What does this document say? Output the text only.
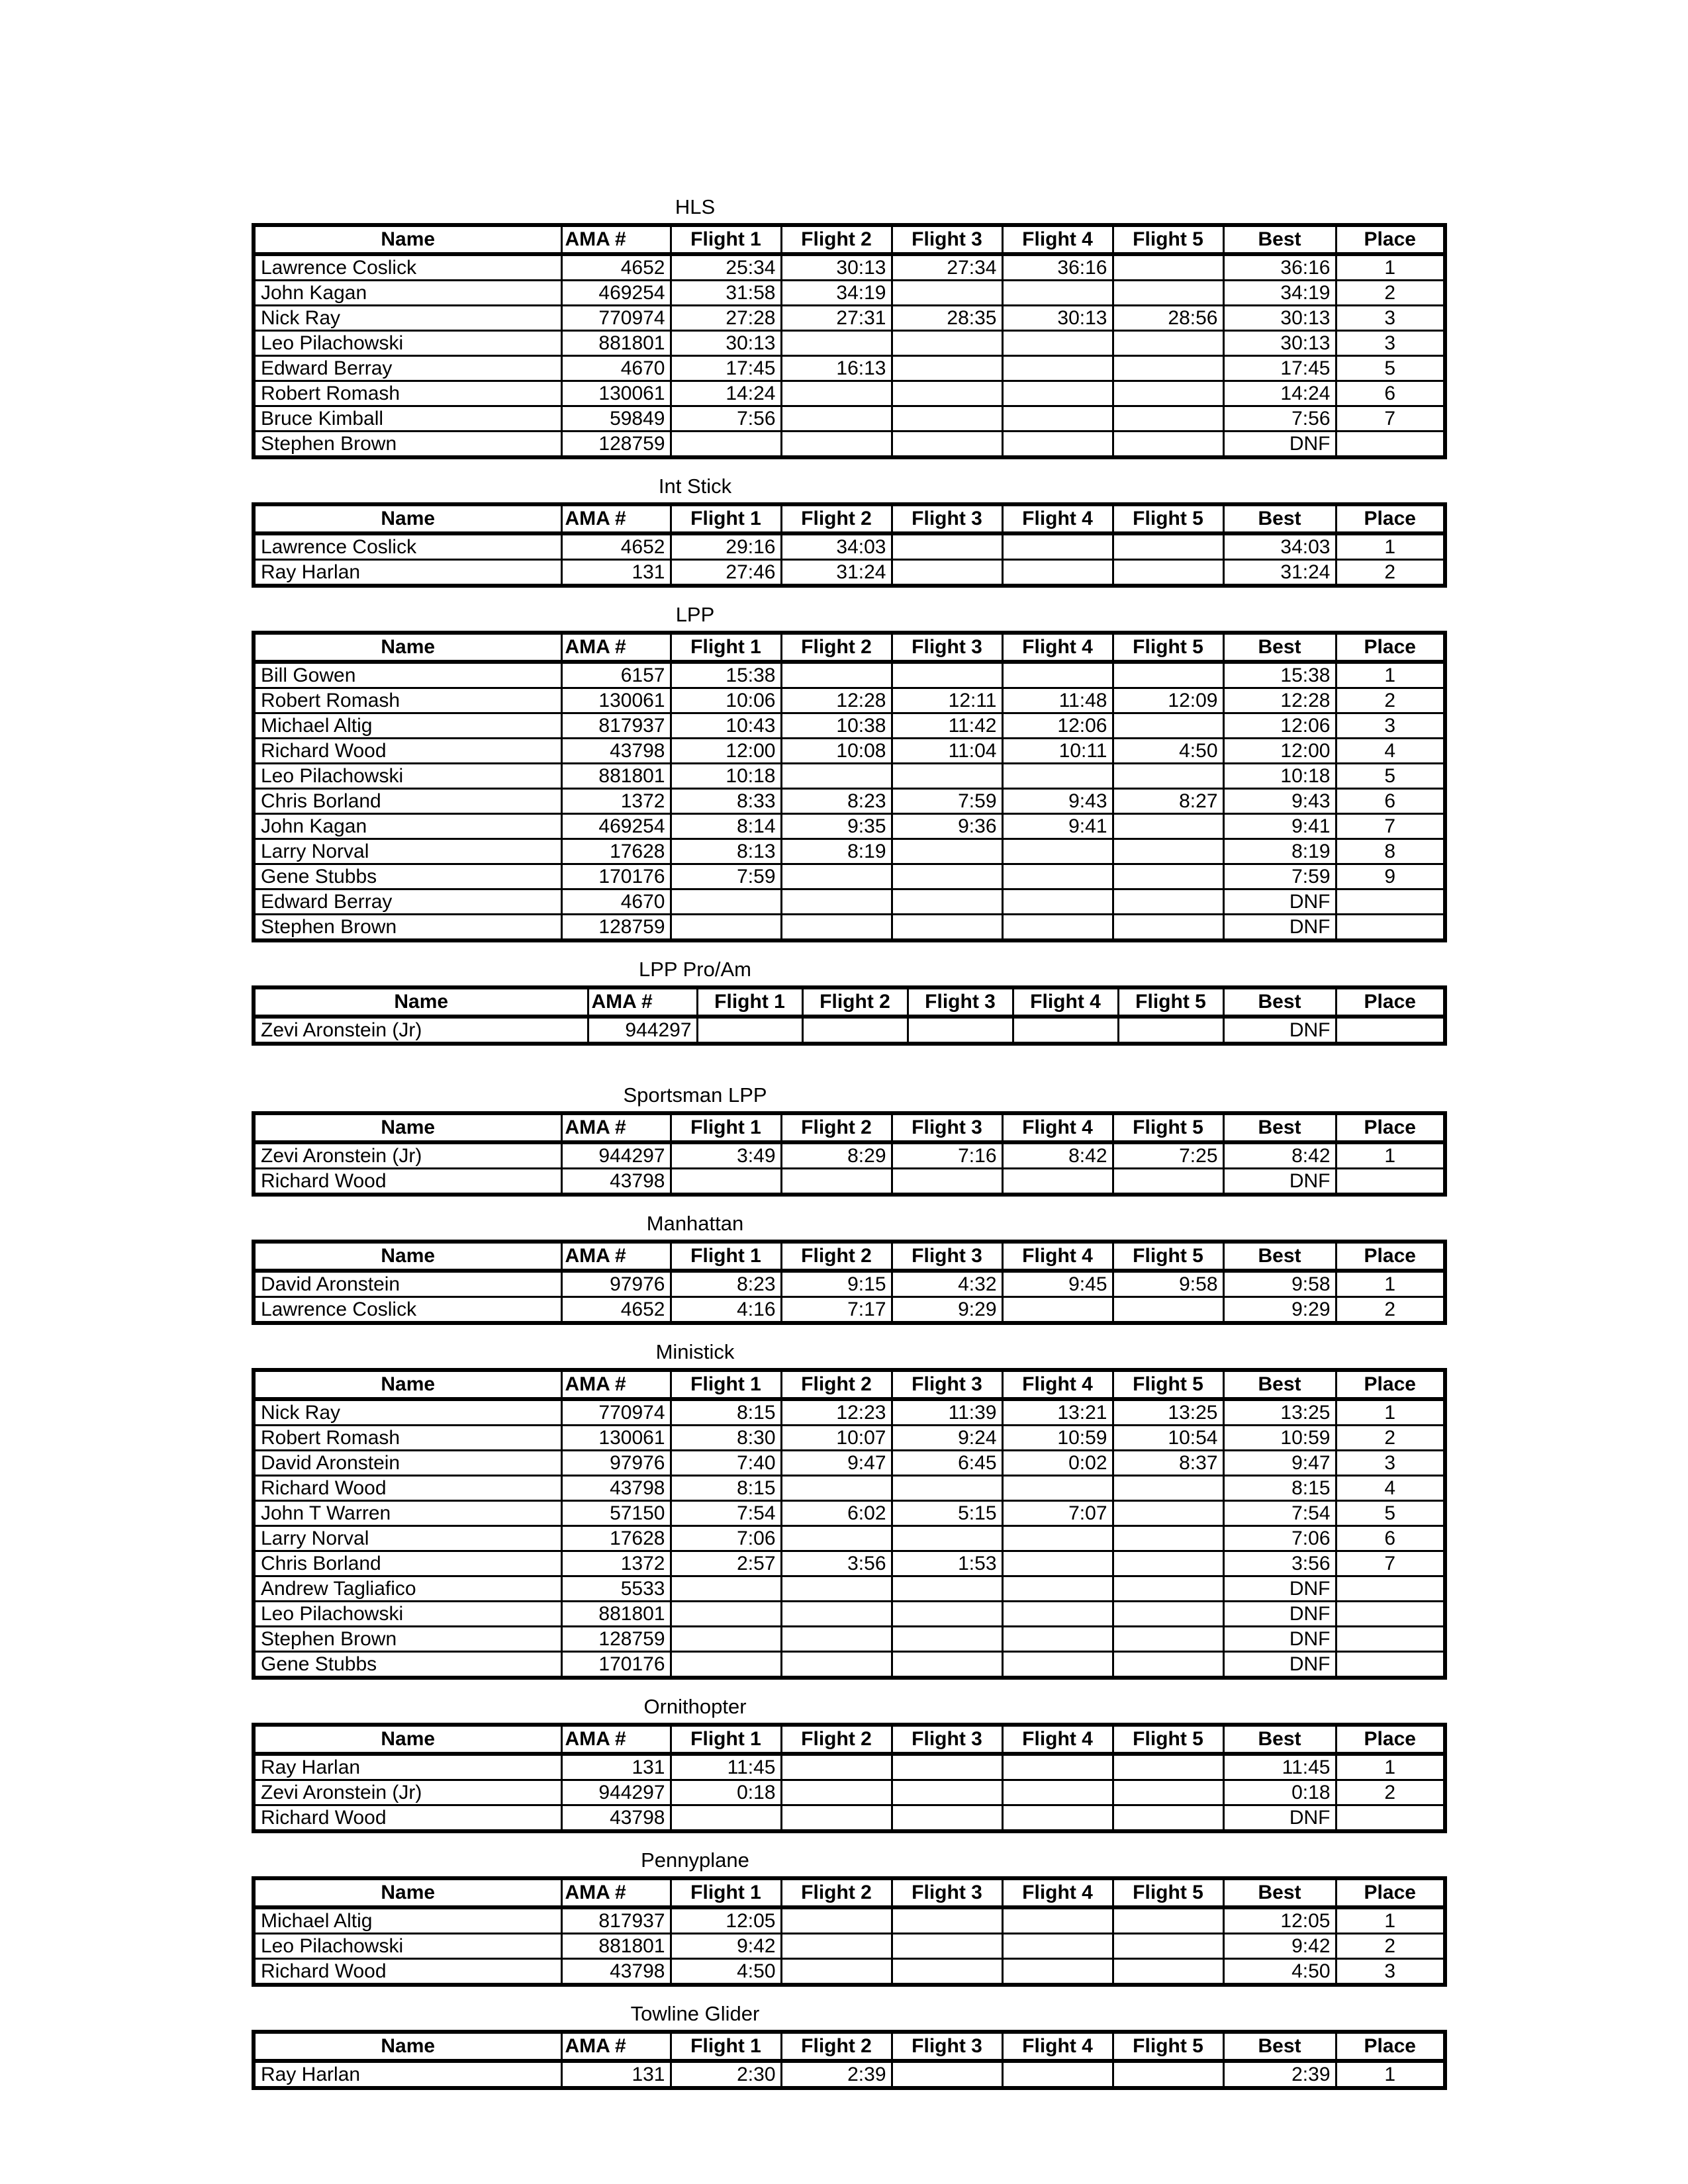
HLS
Name	AMA #	Flight 1	Flight 2	Flight 3	Flight 4	Flight 5	Best	Place
Lawrence Coslick	4652	25:34	30:13	27:34	36:16		36:16	1
John Kagan	469254	31:58	34:19				34:19	2
Nick Ray	770974	27:28	27:31	28:35	30:13	28:56	30:13	3
Leo Pilachowski	881801	30:13					30:13	3
Edward Berray	4670	17:45	16:13				17:45	5
Robert Romash	130061	14:24					14:24	6
Bruce Kimball	59849	7:56					7:56	7
Stephen Brown	128759						DNF	
Int Stick
Name	AMA #	Flight 1	Flight 2	Flight 3	Flight 4	Flight 5	Best	Place
Lawrence Coslick	4652	29:16	34:03				34:03	1
Ray Harlan	131	27:46	31:24				31:24	2
LPP
Name	AMA #	Flight 1	Flight 2	Flight 3	Flight 4	Flight 5	Best	Place
Bill Gowen	6157	15:38					15:38	1
Robert Romash	130061	10:06	12:28	12:11	11:48	12:09	12:28	2
Michael Altig	817937	10:43	10:38	11:42	12:06		12:06	3
Richard Wood	43798	12:00	10:08	11:04	10:11	4:50	12:00	4
Leo Pilachowski	881801	10:18					10:18	5
Chris Borland	1372	8:33	8:23	7:59	9:43	8:27	9:43	6
John Kagan	469254	8:14	9:35	9:36	9:41		9:41	7
Larry Norval	17628	8:13	8:19				8:19	8
Gene Stubbs	170176	7:59					7:59	9
Edward Berray	4670						DNF	
Stephen Brown	128759						DNF	
LPP Pro/Am
Name	AMA #	Flight 1	Flight 2	Flight 3	Flight 4	Flight 5	Best	Place
Zevi Aronstein (Jr)	944297						DNF	
Sportsman LPP
Name	AMA #	Flight 1	Flight 2	Flight 3	Flight 4	Flight 5	Best	Place
Zevi Aronstein (Jr)	944297	3:49	8:29	7:16	8:42	7:25	8:42	1
Richard Wood	43798						DNF	
Manhattan
Name	AMA #	Flight 1	Flight 2	Flight 3	Flight 4	Flight 5	Best	Place
David Aronstein	97976	8:23	9:15	4:32	9:45	9:58	9:58	1
Lawrence Coslick	4652	4:16	7:17	9:29			9:29	2
Ministick
Name	AMA #	Flight 1	Flight 2	Flight 3	Flight 4	Flight 5	Best	Place
Nick Ray	770974	8:15	12:23	11:39	13:21	13:25	13:25	1
Robert Romash	130061	8:30	10:07	9:24	10:59	10:54	10:59	2
David Aronstein	97976	7:40	9:47	6:45	0:02	8:37	9:47	3
Richard Wood	43798	8:15					8:15	4
John T Warren	57150	7:54	6:02	5:15	7:07		7:54	5
Larry Norval	17628	7:06					7:06	6
Chris Borland	1372	2:57	3:56	1:53			3:56	7
Andrew Tagliafico	5533						DNF	
Leo Pilachowski	881801						DNF	
Stephen Brown	128759						DNF	
Gene Stubbs	170176						DNF	
Ornithopter
Name	AMA #	Flight 1	Flight 2	Flight 3	Flight 4	Flight 5	Best	Place
Ray Harlan	131	11:45					11:45	1
Zevi Aronstein (Jr)	944297	0:18					0:18	2
Richard Wood	43798						DNF	
Pennyplane
Name	AMA #	Flight 1	Flight 2	Flight 3	Flight 4	Flight 5	Best	Place
Michael Altig	817937	12:05					12:05	1
Leo Pilachowski	881801	9:42					9:42	2
Richard Wood	43798	4:50					4:50	3
Towline Glider
Name	AMA #	Flight 1	Flight 2	Flight 3	Flight 4	Flight 5	Best	Place
Ray Harlan	131	2:30	2:39				2:39	1
